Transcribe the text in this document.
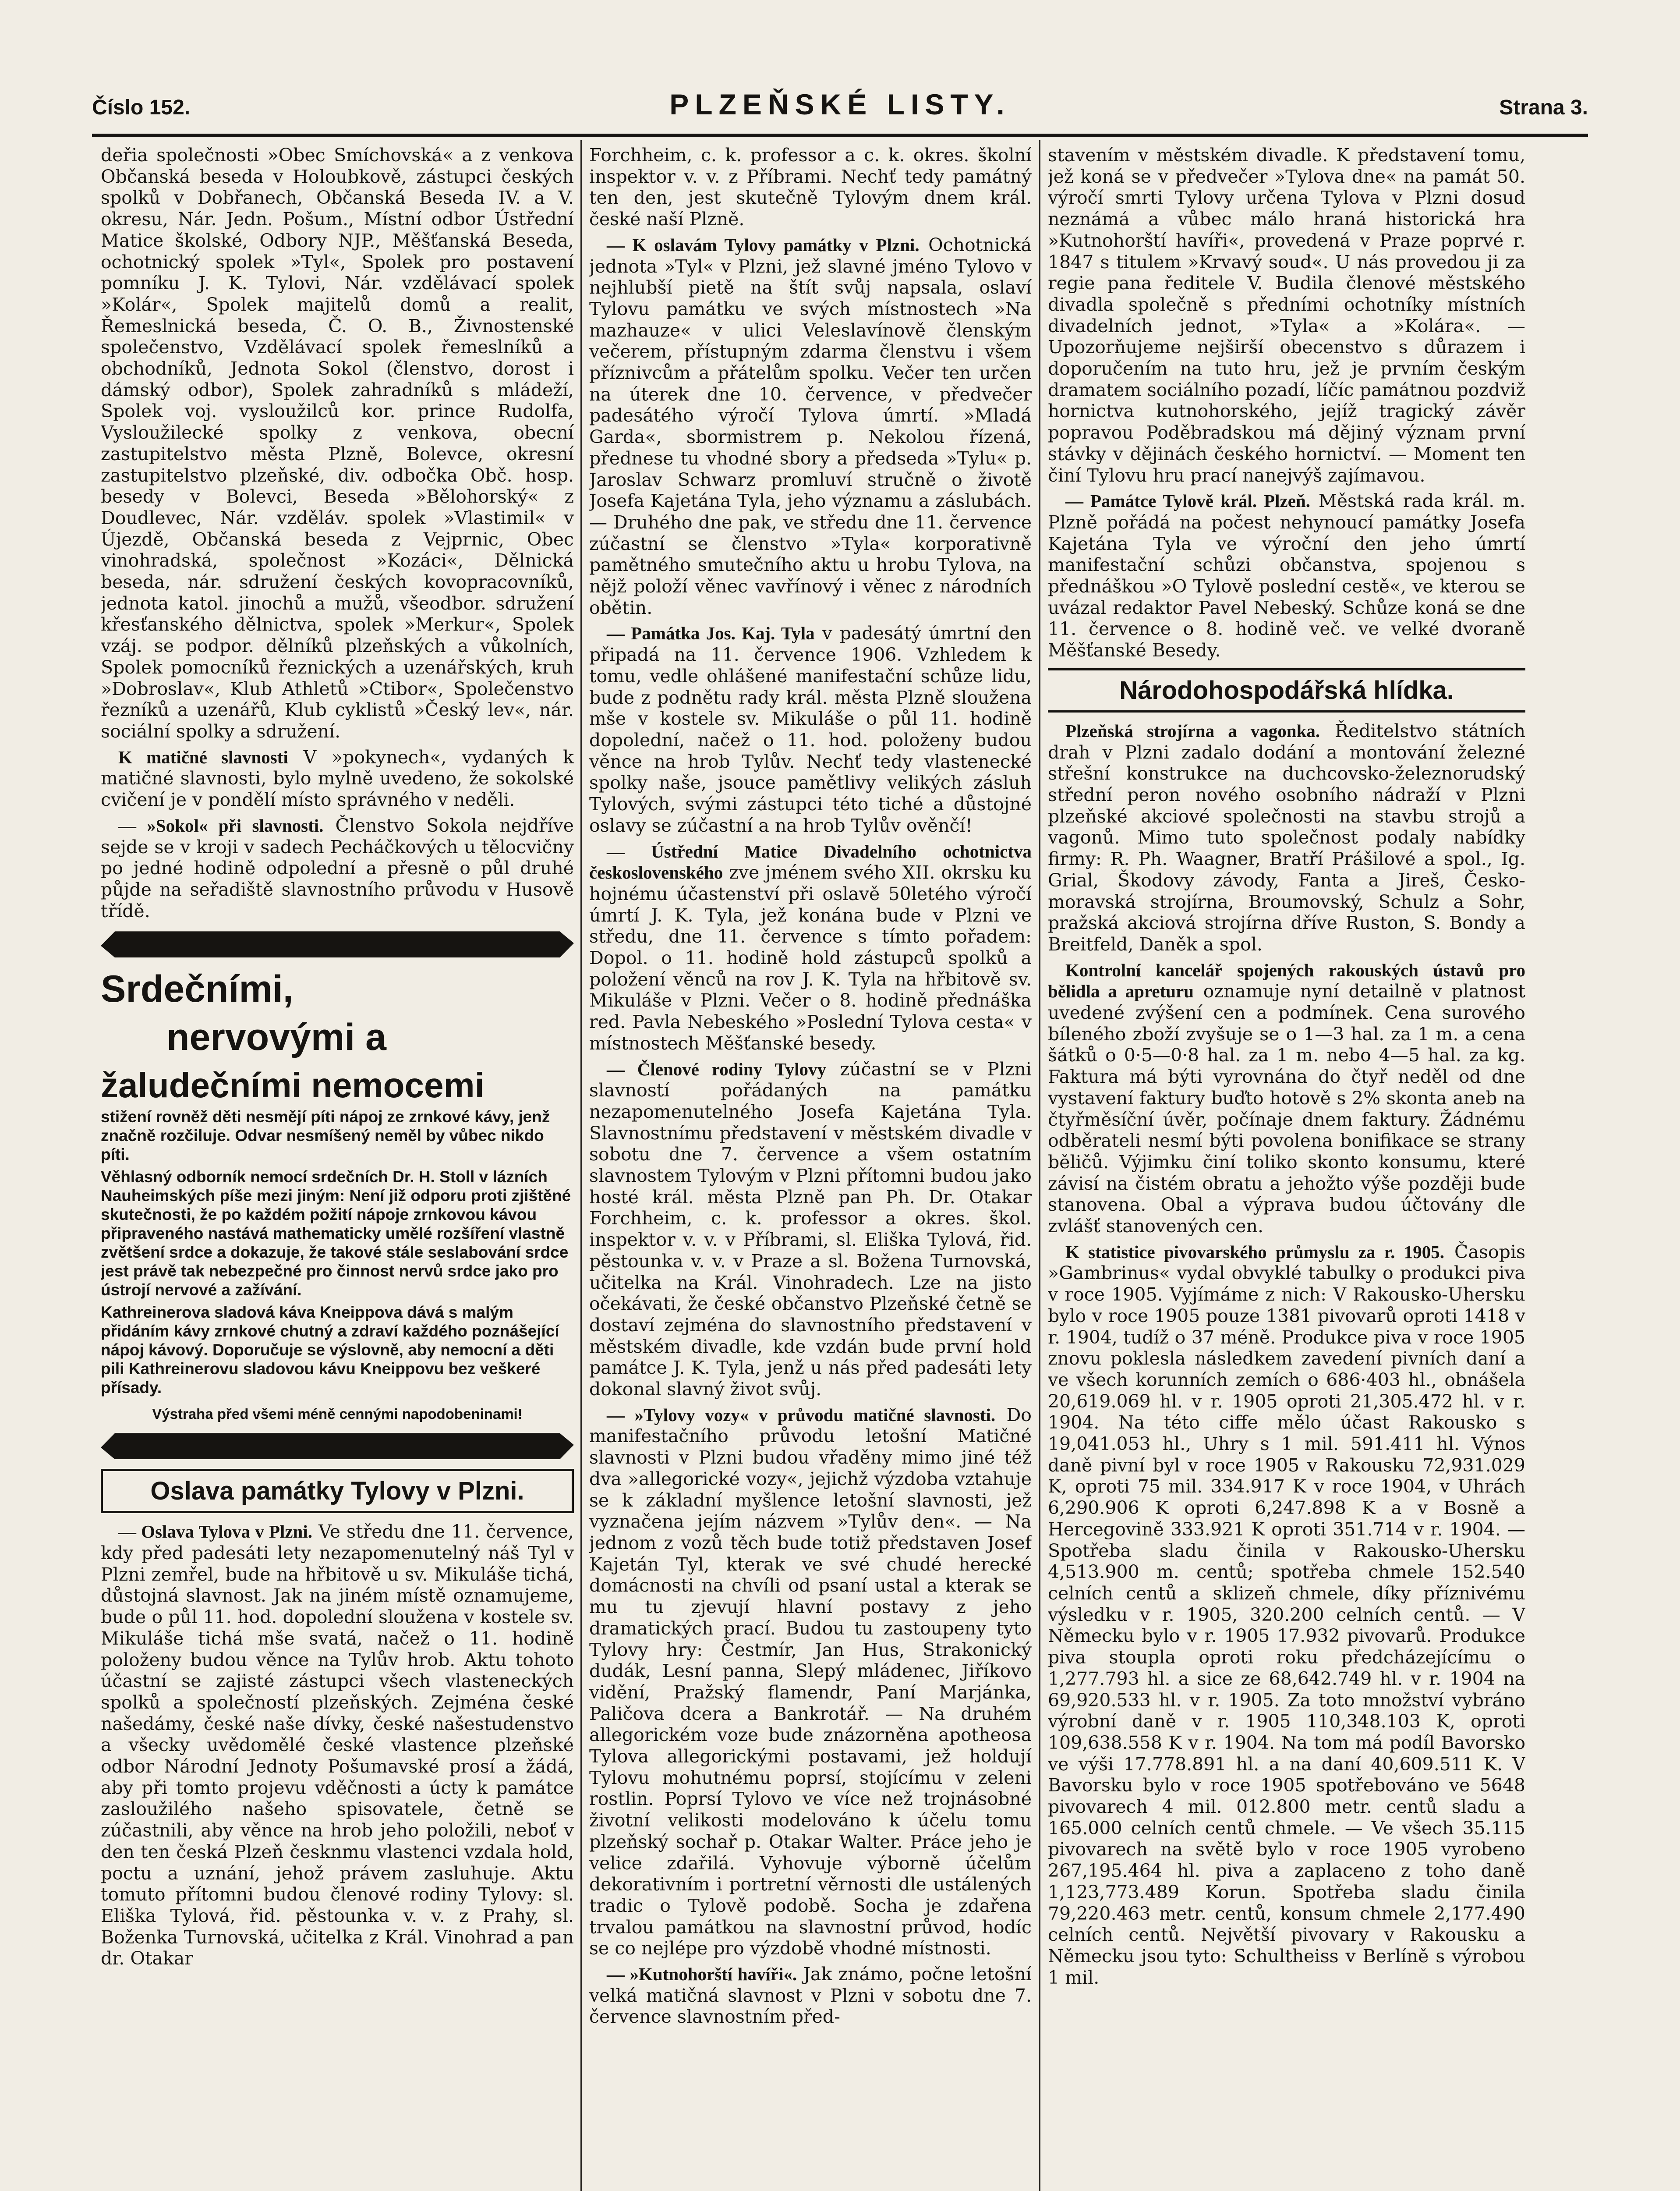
Číslo 152.	PLZEŇSKÉ LISTY.	Strana 3.

deřia společnosti »Obec Smíchovská« a z venkova Občanská beseda v Holoubkově, zástupci českých spolků v Dobřanech, Občanská Beseda IV. a V. okresu, Nár. Jedn. Pošum., Místní odbor Ústřední Matice školské, Odbory NJP., Měšťanská Beseda, ochotnický spolek »Tyl«, Spolek pro postavení pomníku J. K. Tylovi, Nár. vzdělávací spolek »Kolár«, Spolek majitelů domů a realit, Řemeslnická beseda, Č. O. B., Živnostenské společenstvo, Vzdělávací spolek řemeslníků a obchodníků, Jednota Sokol (členstvo, dorost i dámský odbor), Spolek zahradníků s mládeží, Spolek voj. vysloužilců kor. prince Rudolfa, Vysloužilecké spolky z venkova, obecní zastupitelstvo města Plzně, Bolevce, okresní zastupitelstvo plzeňské, div. odbočka Obč. hosp. besedy v Bolevci, Beseda »Bělohorský« z Doudlevec, Nár. vzděláv. spolek »Vlastimil« v Újezdě, Občanská beseda z Vejprnic, Obec vinohradská, společnost »Kozáci«, Dělnická beseda, nár. sdružení českých kovopracovníků, jednota katol. jinochů a mužů, všeodbor. sdružení křesťanského dělnictva, spolek »Merkur«, Spolek vzáj. se podpor. dělníků plzeňských a vůkolních, Spolek pomocníků řeznických a uzenářských, kruh »Dobroslav«, Klub Athletů »Ctibor«, Společenstvo řezníků a uzenářů, Klub cyklistů »Český lev«, nár. sociální spolky a sdružení.

K matičné slavnosti V »pokynech«, vydaných k matičné slavnosti, bylo mylně uvedeno, že sokolské cvičení je v pondělí místo správného v neděli.

— »Sokol« při slavnosti. Členstvo Sokola nejdříve sejde se v kroji v sadech Pecháčkových u tělocvičny po jedné hodině odpolední a přesně o půl druhé půjde na seřadiště slavnostního průvodu v Husově třídě.

Srdečními,
nervovými a
žaludečními nemocemi

stižení rovněž děti nesmějí píti nápoj ze zrnkové kávy, jenž značně rozčiluje. Odvar nesmíšený neměl by vůbec nikdo píti.

Věhlasný odborník nemocí srdečních Dr. H. Stoll v lázních Nauheimských píše mezi jiným: Není již odporu proti zjištěné skutečnosti, že po každém požití nápoje zrnkovou kávou připraveného nastává mathematicky umělé rozšíření vlastně zvětšení srdce a dokazuje, že takové stále seslabování srdce jest právě tak nebezpečné pro činnost nervů srdce jako pro ústrojí nervové a zažívání.

Kathreinerova sladová káva Kneippova dává s malým přidáním kávy zrnkové chutný a zdraví každého poznášející nápoj kávový. Doporučuje se výslovně, aby nemocní a děti pili Kathreinerovu sladovou kávu Kneippovu bez veškeré přísady.

Výstraha před všemi méně cennými napodobeninami!
Oslava památky Tylovy v Plzni.

— Oslava Tylova v Plzni. Ve středu dne 11. července, kdy před padesáti lety nezapomenutelný náš Tyl v Plzni zemřel, bude na hřbitově u sv. Mikuláše tichá, důstojná slavnost. Jak na jiném místě oznamujeme, bude o půl 11. hod. dopolední sloužena v kostele sv. Mikuláše tichá mše svatá, načež o 11. hodině položeny budou věnce na Tylův hrob. Aktu tohoto účastní se zajisté zástupci všech vlasteneckých spolků a společností plzeňských. Zejména české našedámy, české naše dívky, české našestudenstvo a všecky uvědomělé české vlastence plzeňské odbor Národní Jednoty Pošumavské prosí a žádá, aby při tomto projevu vděčnosti a úcty k památce zasloužilého našeho spisovatele, četně se zúčastnili, aby věnce na hrob jeho položili, neboť v den ten česká Plzeň česknmu vlastenci vzdala hold, poctu a uznání, jehož právem zasluhuje. Aktu tomuto přítomni budou členové rodiny Tylovy: sl. Eliška Tylová, řid. pěstounka v. v. z Prahy, sl. Boženka Turnovská, učitelka z Král. Vinohrad a pan dr. Otakar

Forchheim, c. k. professor a c. k. okres. školní inspektor v. v. z Příbrami. Nechť tedy památný ten den, jest skutečně Tylovým dnem král. české naší Plzně.

— K oslavám Tylovy památky v Plzni. Ochotnická jednota »Tyl« v Plzni, jež slavné jméno Tylovo v nejhlubší pietě na štít svůj napsala, oslaví Tylovu památku ve svých místnostech »Na mazhauze« v ulici Veleslavínově členským večerem, přístupným zdarma členstvu i všem příznivcům a přátelům spolku. Večer ten určen na úterek dne 10. července, v předvečer padesátého výročí Tylova úmrtí. »Mladá Garda«, sbormistrem p. Nekolou řízená, přednese tu vhodné sbory a předseda »Tylu« p. Jaroslav Schwarz promluví stručně o životě Josefa Kajetána Tyla, jeho významu a záslubách. — Druhého dne pak, ve středu dne 11. července zúčastní se členstvo »Tyla« korporativně pamětného smutečního aktu u hrobu Tylova, na nějž položí věnec vavřínový i věnec z národních obětin.

— Památka Jos. Kaj. Tyla v padesátý úmrtní den připadá na 11. července 1906. Vzhledem k tomu, vedle ohlášené manifestační schůze lidu, bude z podnětu rady král. města Plzně sloužena mše v kostele sv. Mikuláše o půl 11. hodině dopolední, načež o 11. hod. položeny budou věnce na hrob Tylův. Nechť tedy vlastenecké spolky naše, jsouce pamětlivy velikých zásluh Tylových, svými zástupci této tiché a důstojné oslavy se zúčastní a na hrob Tylův ověnčí!

— Ústřední Matice Divadelního ochotnictva československého zve jménem svého XII. okrsku ku hojnému účastenství při oslavě 50letého výročí úmrtí J. K. Tyla, jež konána bude v Plzni ve středu, dne 11. července s tímto pořadem: Dopol. o 11. hodině hold zástupců spolků a položení věnců na rov J. K. Tyla na hřbitově sv. Mikuláše v Plzni. Večer o 8. hodině přednáška red. Pavla Nebeského »Poslední Tylova cesta« v místnostech Měšťanské besedy.

— Členové rodiny Tylovy zúčastní se v Plzni slavností pořádaných na památku nezapomenutelného Josefa Kajetána Tyla. Slavnostnímu představení v městském divadle v sobotu dne 7. července a všem ostatním slavnostem Tylovým v Plzni přítomni budou jako hosté král. města Plzně pan Ph. Dr. Otakar Forchheim, c. k. professor a okres. škol. inspektor v. v. v Příbrami, sl. Eliška Tylová, řid. pěstounka v. v. v Praze a sl. Božena Turnovská, učitelka na Král. Vinohradech. Lze na jisto očekávati, že české občanstvo Plzeňské četně se dostaví zejména do slavnostního představení v městském divadle, kde vzdán bude první hold památce J. K. Tyla, jenž u nás před padesáti lety dokonal slavný život svůj.

— »Tylovy vozy« v průvodu matičné slavnosti. Do manifestačního průvodu letošní Matičné slavnosti v Plzni budou vřaděny mimo jiné též dva »allegorické vozy«, jejichž výzdoba vztahuje se k základní myšlence letošní slavnosti, jež vyznačena jejím názvem »Tylův den«. — Na jednom z vozů těch bude totiž představen Josef Kajetán Tyl, kterak ve své chudé herecké domácnosti na chvíli od psaní ustal a kterak se mu tu zjevují hlavní postavy z jeho dramatických prací. Budou tu zastoupeny tyto Tylovy hry: Čestmír, Jan Hus, Strakonický dudák, Lesní panna, Slepý mládenec, Jiříkovo vidění, Pražský flamendr, Paní Marjánka, Paličova dcera a Bankrotář. — Na druhém allegorickém voze bude znázorněna apotheosa Tylova allegorickými postavami, jež holdují Tylovu mohutnému poprsí, stojícímu v zeleni rostlin. Poprsí Tylovo ve více než trojnásobné životní velikosti modelováno k účelu tomu plzeňský sochař p. Otakar Walter. Práce jeho je velice zdařilá. Vyhovuje výborně účelům dekorativním i portretní věrnosti dle ustálených tradic o Tylově podobě. Socha je zdařena trvalou památkou na slavnostní průvod, hodíc se co nejlépe pro výzdobě vhodné místnosti.

— »Kutnohorští havíři«. Jak známo, počne letošní velká matičná slavnost v Plzni v sobotu dne 7. července slavnostním před-

stavením v městském divadle. K představení tomu, jež koná se v předvečer »Tylova dne« na památ 50. výročí smrti Tylovy určena Tylova v Plzni dosud neznámá a vůbec málo hraná historická hra »Kutnohorští havíři«, provedená v Praze poprvé r. 1847 s titulem »Krvavý soud«. U nás provedou ji za regie pana ředitele V. Budila členové městského divadla společně s předními ochotníky místních divadelních jednot, »Tyla« a »Kolára«. — Upozorňujeme nejširší obecenstvo s důrazem i doporučením na tuto hru, jež je prvním českým dramatem sociálního pozadí, líčíc památnou pozdviž hornictva kutnohorského, jejíž tragický závěr popravou Poděbradskou má dějiný význam první stávky v dějinách českého hornictví. — Moment ten činí Tylovu hru prací nanejvýš zajímavou.

— Památce Tylově král. Plzeň. Městská rada král. m. Plzně pořádá na počest nehynoucí památky Josefa Kajetána Tyla ve výroční den jeho úmrtí manifestační schůzi občanstva, spojenou s přednáškou »O Tylově poslední cestě«, ve kterou se uvázal redaktor Pavel Nebeský. Schůze koná se dne 11. července o 8. hodině več. ve velké dvoraně Měšťanské Besedy.

Národohospodářská hlídka.

Plzeňská strojírna a vagonka. Ředitelstvo státních drah v Plzni zadalo dodání a montování železné střešní konstrukce na duchcovsko-železnorudský střední peron nového osobního nádraží v Plzni plzeňské akciové společnosti na stavbu strojů a vagonů. Mimo tuto společnost podaly nabídky firmy: R. Ph. Waagner, Bratří Prášilové a spol., Ig. Grial, Škodovy závody, Fanta a Jireš, Česko-moravská strojírna, Broumovský, Schulz a Sohr, pražská akciová strojírna dříve Ruston, S. Bondy a Breitfeld, Daněk a spol.

Kontrolní kancelář spojených rakouských ústavů pro bělidla a apreturu oznamuje nyní detailně v platnost uvedené zvýšení cen a podmínek. Cena surového bíleného zboží zvyšuje se o 1—3 hal. za 1 m. a cena šátků o 0·5—0·8 hal. za 1 m. nebo 4—5 hal. za kg. Faktura má býti vyrovnána do čtyř neděl od dne vystavení faktury buďto hotově s 2% skonta aneb na čtyřměsíční úvěr, počínaje dnem faktury. Žádnému odběrateli nesmí býti povolena bonifikace se strany běličů. Výjimku činí toliko skonto konsumu, které závisí na čistém obratu a jehožto výše později bude stanovena. Obal a výprava budou účtovány dle zvlášť stanovených cen.

K statistice pivovarského průmyslu za r. 1905. Časopis »Gambrinus« vydal obvyklé tabulky o produkci piva v roce 1905. Vyjímáme z nich: V Rakousko-Uhersku bylo v roce 1905 pouze 1381 pivovarů oproti 1418 v r. 1904, tudíž o 37 méně. Produkce piva v roce 1905 znovu poklesla následkem zavedení pivních daní a ve všech korunních zemích o 686·403 hl., obnášela 20,619.069 hl. v r. 1905 oproti 21,305.472 hl. v r. 1904. Na této ciffe mělo účast Rakousko s 19,041.053 hl., Uhry s 1 mil. 591.411 hl. Výnos daně pivní byl v roce 1905 v Rakousku 72,931.029 K, oproti 75 mil. 334.917 K v roce 1904, v Uhrách 6,290.906 K oproti 6,247.898 K a v Bosně a Hercegovině 333.921 K oproti 351.714 v r. 1904. — Spotřeba sladu činila v Rakousko-Uhersku 4,513.900 m. centů; spotřeba chmele 152.540 celních centů a sklizeň chmele, díky příznivému výsledku v r. 1905, 320.200 celních centů. — V Německu bylo v r. 1905 17.932 pivovarů. Produkce piva stoupla oproti roku předcházejícímu o 1,277.793 hl. a sice ze 68,642.749 hl. v r. 1904 na 69,920.533 hl. v r. 1905. Za toto množství vybráno výrobní daně v r. 1905 110,348.103 K, oproti 109,638.558 K v r. 1904. Na tom má podíl Bavorsko ve výši 17.778.891 hl. a na daní 40,609.511 K. V Bavorsku bylo v roce 1905 spotřebováno ve 5648 pivovarech 4 mil. 012.800 metr. centů sladu a 165.000 celních centů chmele. — Ve všech 35.115 pivovarech na světě bylo v roce 1905 vyrobeno 267,195.464 hl. piva a zaplaceno z toho daně 1,123,773.489 Korun. Spotřeba sladu činila 79,220.463 metr. centů, konsum chmele 2,177.490 celních centů. Největší pivovary v Rakousku a Německu jsou tyto: Schultheiss v Berlíně s výrobou 1 mil.
